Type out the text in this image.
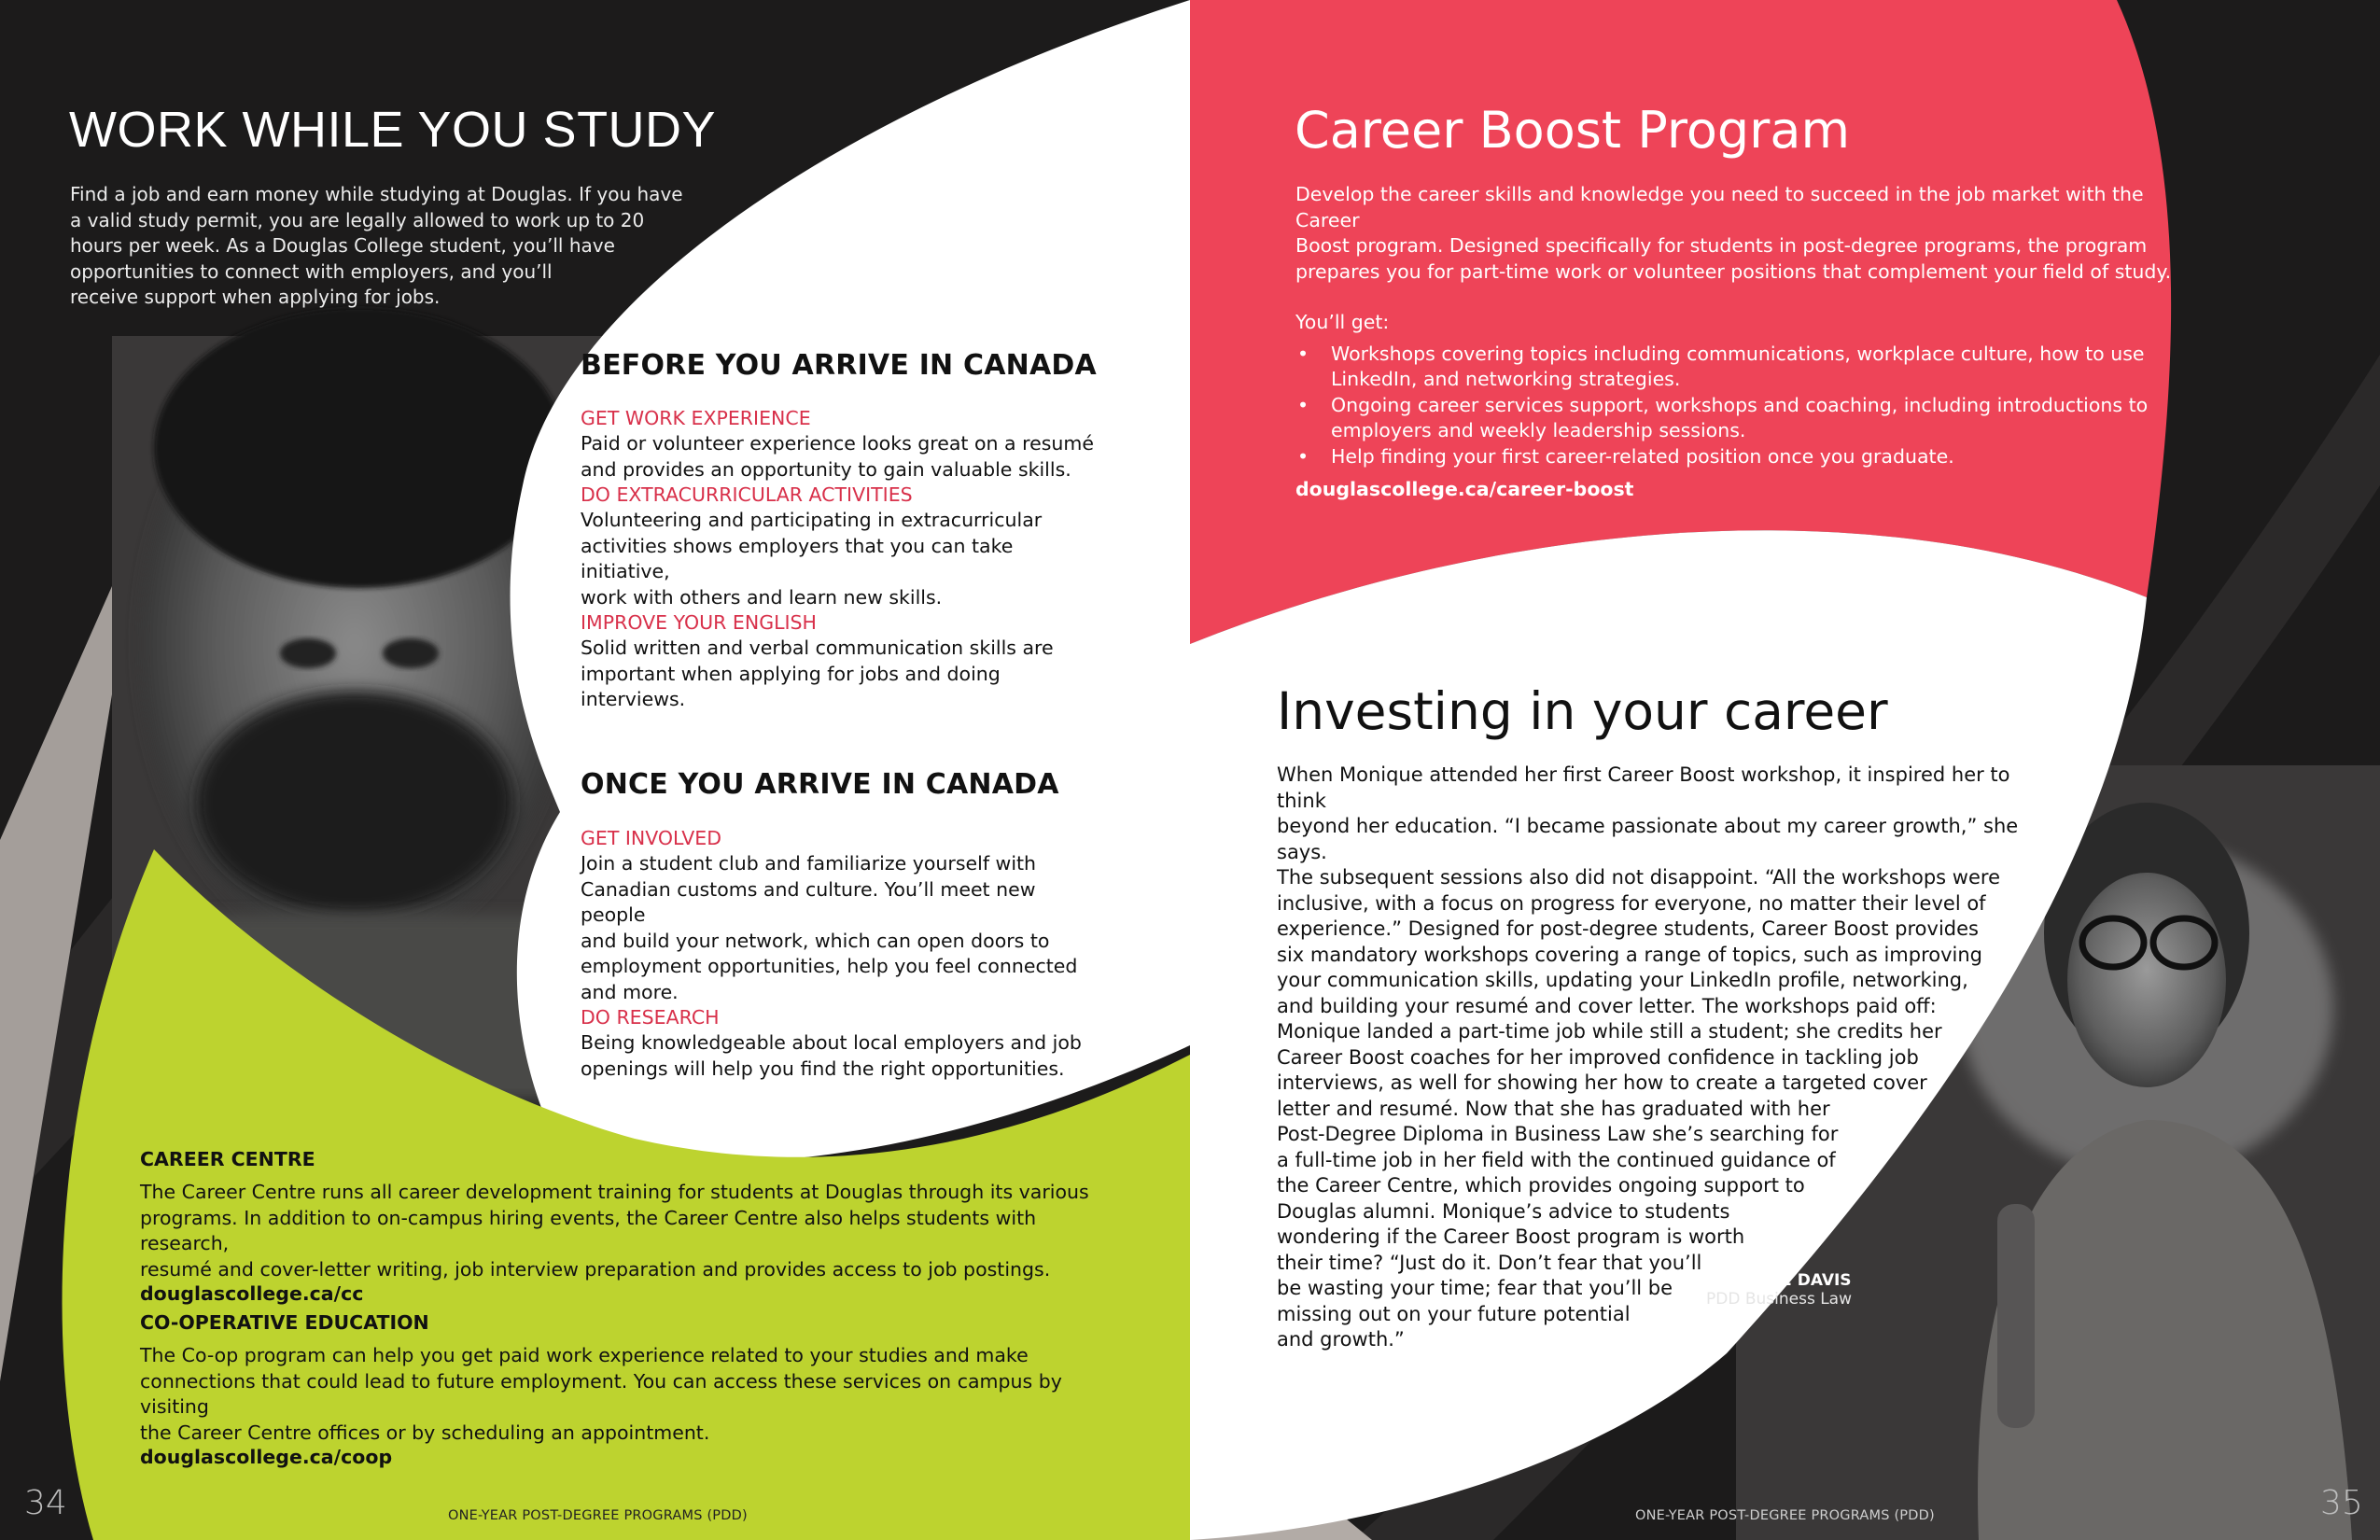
WORK WHILE YOU STUDY
Find a job and earn money while studying at Douglas. If you have
a valid study permit, you are legally allowed to work up to 20
hours per week. As a Douglas College student, you’ll have
opportunities to connect with employers, and you’ll
receive support when applying for jobs.
BEFORE YOU ARRIVE IN CANADA
GET WORK EXPERIENCE
Paid or volunteer experience looks great on a resumé
and provides an opportunity to gain valuable skills.
DO EXTRACURRICULAR ACTIVITIES
Volunteering and participating in extracurricular
activities shows employers that you can take initiative,
work with others and learn new skills.
IMPROVE YOUR ENGLISH
Solid written and verbal communication skills are
important when applying for jobs and doing interviews.
ONCE YOU ARRIVE IN CANADA
GET INVOLVED
Join a student club and familiarize yourself with
Canadian customs and culture. You’ll meet new people
and build your network, which can open doors to
employment opportunities, help you feel connected
and more.
DO RESEARCH
Being knowledgeable about local employers and job
openings will help you find the right opportunities.
CAREER CENTRE
The Career Centre runs all career development training for students at Douglas through its various
programs. In addition to on-campus hiring events, the Career Centre also helps students with research,
resumé and cover-letter writing, job interview preparation and provides access to job postings.
douglascollege.ca/cc
CO-OPERATIVE EDUCATION
The Co-op program can help you get paid work experience related to your studies and make
connections that could lead to future employment. You can access these services on campus by visiting
the Career Centre offices or by scheduling an appointment.
douglascollege.ca/coop
34	ONE-YEAR POST-DEGREE PROGRAMS (PDD)
Career Boost Program
Develop the career skills and knowledge you need to succeed in the job market with the Career
Boost program. Designed specifically for students in post-degree programs, the program
prepares you for part-time work or volunteer positions that complement your field of study.
You’ll get:
• Workshops covering topics including communications, workplace culture, how to use
LinkedIn, and networking strategies.
• Ongoing career services support, workshops and coaching, including introductions to
employers and weekly leadership sessions.
• Help finding your first career-related position once you graduate.
douglascollege.ca/career-boost
Investing in your career
When Monique attended her first Career Boost workshop, it inspired her to think
beyond her education. “I became passionate about my career growth,” she says.
The subsequent sessions also did not disappoint. “All the workshops were
inclusive, with a focus on progress for everyone, no matter their level of
experience.” Designed for post-degree students, Career Boost provides
six mandatory workshops covering a range of topics, such as improving
your communication skills, updating your LinkedIn profile, networking,
and building your resumé and cover letter. The workshops paid off:
Monique landed a part-time job while still a student; she credits her
Career Boost coaches for her improved confidence in tackling job
interviews, as well for showing her how to create a targeted cover
letter and resumé. Now that she has graduated with her
Post-Degree Diploma in Business Law she’s searching for
a full-time job in her field with the continued guidance of
the Career Centre, which provides ongoing support to
Douglas alumni. Monique’s advice to students
wondering if the Career Boost program is worth
their time? “Just do it. Don’t fear that you’ll
be wasting your time; fear that you’ll be
missing out on your future potential
and growth.”
MONIQUE DAVIS
PDD Business Law
ONE-YEAR POST-DEGREE PROGRAMS (PDD)	35
